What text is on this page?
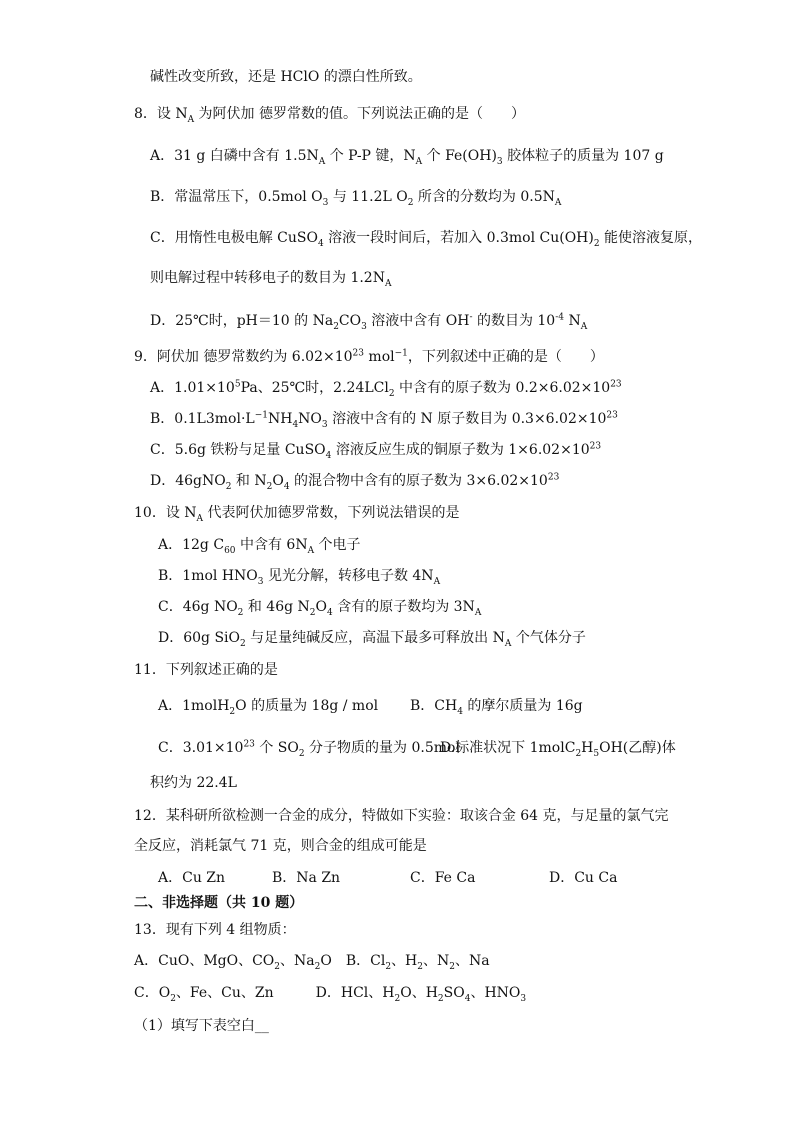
碱性改变所致，还是 HClO 的漂白性所致。
8．设 $N_A$ 为阿伏加 德罗常数的值。下列说法正确的是（　　）
A．31 g 白磷中含有 $1.5N_A$ 个 P-P 键，$N_A$ 个 $Fe(OH)_3$ 胶体粒子的质量为 107 g
B．常温常压下，0.5mol $O_3$ 与 11.2L $O_2$ 所含的分数均为 $0.5N_A$
C．用惰性电极电解 CuSO$_4$ 溶液一段时间后，若加入 0.3mol $Cu(OH)_2$ 能使溶液复原，
则电解过程中转移电子的数目为 $1.2N_A$
D．25℃时，pH＝10 的 $Na_2CO_3$ 溶液中含有 OH- 的数目为 $10^{-4}$ $N_A$
9．阿伏加 德罗常数约为 $6.02\times 10^{23}$ mol$^{-1}$，下列叙述中正确的是（　　）
A．$1.01\times 10^5Pa$、25℃时，2.24LCl$_2$ 中含有的原子数为 $0.2\times 6.02\times 10^{23}$
B．$0.1L3mol\cdot L^{-1}NH_4NO_3$ 溶液中含有的 N 原子数目为 $0.3\times 6.02\times 10^{23}$
C．5.6g 铁粉与足量 CuSO$_4$ 溶液反应生成的铜原子数为 $1\times 6.02\times 10^{23}$
D．46gNO$_2$ 和 $N_2O_4$ 的混合物中含有的原子数为 $3\times 6.02\times 10^{23}$
10．设 $N_A$ 代表阿伏加德罗常数，下列说法错误的是
A．12g $C_{60}$ 中含有 $6N_A$ 个电子
B．1mol $HNO_3$ 见光分解，转移电子数 $4N_A$
C．46g $NO_2$ 和 46g $N_2O_4$ 含有的原子数均为 $3N_A$
D．60g SiO$_2$ 与足量纯碱反应，高温下最多可释放出 $N_A$ 个气体分子
11．下列叙述正确的是
A．1molH$_2$O 的质量为 18g / mol B．$CH_4$ 的摩尔质量为 16g
C．$3.01\times 10^{23}$ 个 $SO_2$ 分子物质的量为 0.5mol
D.标准状况下 $1molC_2H_5OH$(乙醇)体
积约为 22.4L
12．某科研所欲检测一合金的成分，特做如下实验：取该合金 64 克，与足量的氯气完
全反应，消耗氯气 71 克，则合金的组成可能是
A．Cu Zn	B．Na Zn	C．Fe Ca	D．Cu Ca
二、非选择题（共 10 题）
13．现有下列 4 组物质：
A．CuO、MgO、$CO_2$、$Na_2O$　B．$Cl_2$、$H_2$、$N_2$、Na
C．$O_2$、Fe、Cu、Zn　　　D．HCl、$H_2O$、$H_2SO_4$、$HNO_3$
（1）填写下表空白__
